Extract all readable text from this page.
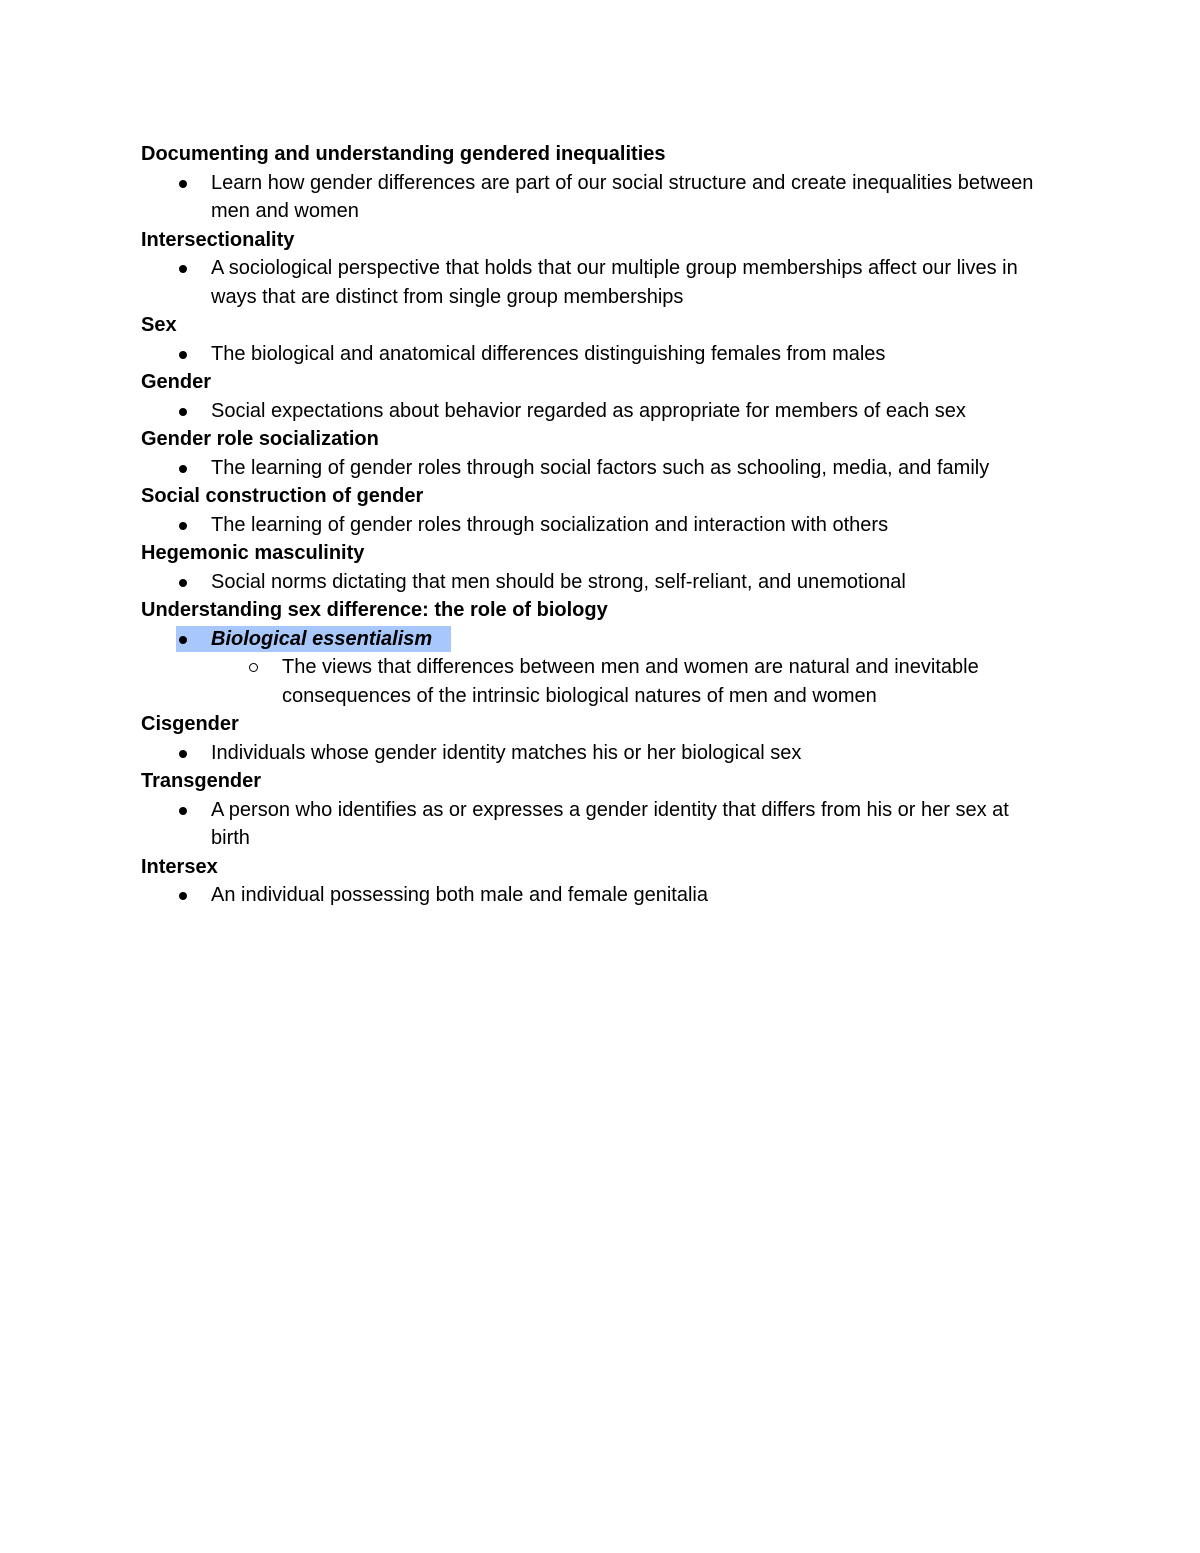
Documenting and understanding gendered inequalities
Learn how gender differences are part of our social structure and create inequalities between men and women
Intersectionality
A sociological perspective that holds that our multiple group memberships affect our lives in ways that are distinct from single group memberships
Sex
The biological and anatomical differences distinguishing females from males
Gender
Social expectations about behavior regarded as appropriate for members of each sex
Gender role socialization
The learning of gender roles through social factors such as schooling, media, and family
Social construction of gender
The learning of gender roles through socialization and interaction with others
Hegemonic masculinity
Social norms dictating that men should be strong, self-reliant, and unemotional
Understanding sex difference: the role of biology
Biological essentialism
The views that differences between men and women are natural and inevitable consequences of the intrinsic biological natures of men and women
Cisgender
Individuals whose gender identity matches his or her biological sex
Transgender
A person who identifies as or expresses a gender identity that differs from his or her sex at birth
Intersex
An individual possessing both male and female genitalia
